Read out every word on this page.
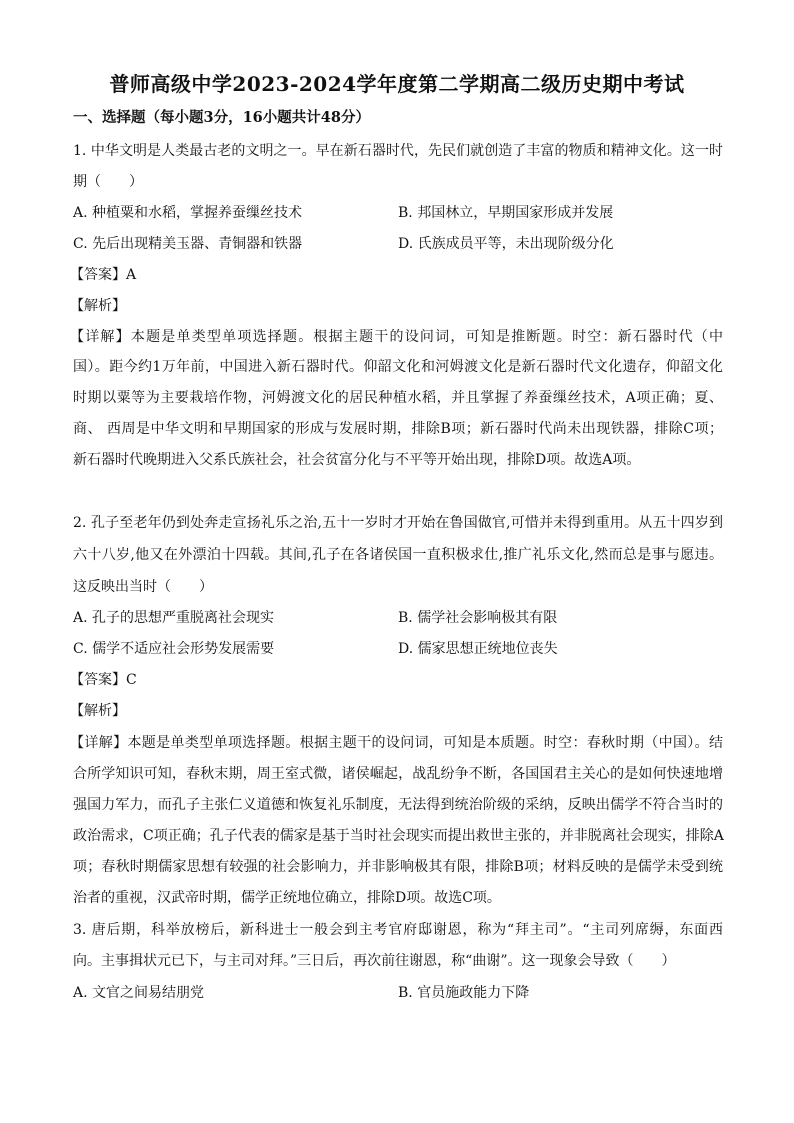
普师高级中学2023-2024学年度第二学期高二级历史期中考试
一、选择题（每小题3分，16小题共计48分）
1. 中华文明是人类最古老的文明之一。早在新石器时代，先民们就创造了丰富的物质和精神文化。这一时
期（　　）
A. 种植粟和水稻，掌握养蚕缫丝技术	B. 邦国林立，早期国家形成并发展
C. 先后出现精美玉器、青铜器和铁器	D. 氏族成员平等，未出现阶级分化
【答案】A
【解析】
【详解】本题是单类型单项选择题。根据主题干的设问词，可知是推断题。时空：新石器时代（中
国）。距今约1万年前，中国进入新石器时代。仰韶文化和河姆渡文化是新石器时代文化遗存，仰韶文化
时期以粟等为主要栽培作物，河姆渡文化的居民种植水稻，并且掌握了养蚕缫丝技术，A项正确；夏、
商、 西周是中华文明和早期国家的形成与发展时期，排除B项；新石器时代尚未出现铁器，排除C项；
新石器时代晚期进入父系氏族社会，社会贫富分化与不平等开始出现，排除D项。故选A项。
2. 孔子至老年仍到处奔走宣扬礼乐之治,五十一岁时才开始在鲁国做官,可惜并未得到重用。从五十四岁到
六十八岁,他又在外漂泊十四载。其间,孔子在各诸侯国一直积极求仕,推广礼乐文化,然而总是事与愿违。
这反映出当时（　　）
A. 孔子的思想严重脱离社会现实	B. 儒学社会影响极其有限
C. 儒学不适应社会形势发展需要	D. 儒家思想正统地位丧失
【答案】C
【解析】
【详解】本题是单类型单项选择题。根据主题干的设问词，可知是本质题。时空：春秋时期（中国）。结
合所学知识可知，春秋末期，周王室式微，诸侯崛起，战乱纷争不断，各国国君主关心的是如何快速地增
强国力军力，而孔子主张仁义道德和恢复礼乐制度，无法得到统治阶级的采纳，反映出儒学不符合当时的
政治需求，C项正确；孔子代表的儒家是基于当时社会现实而提出救世主张的，并非脱离社会现实，排除A
项；春秋时期儒家思想有较强的社会影响力，并非影响极其有限，排除B项；材料反映的是儒学未受到统
治者的重视，汉武帝时期，儒学正统地位确立，排除D项。故选C项。
3. 唐后期，科举放榜后，新科进士一般会到主考官府邸谢恩，称为“拜主司”。“主司列席缛，东面西
向。主事揖状元已下，与主司对拜。”三日后，再次前往谢恩，称“曲谢”。这一现象会导致（　　）
A. 文官之间易结朋党	B. 官员施政能力下降
